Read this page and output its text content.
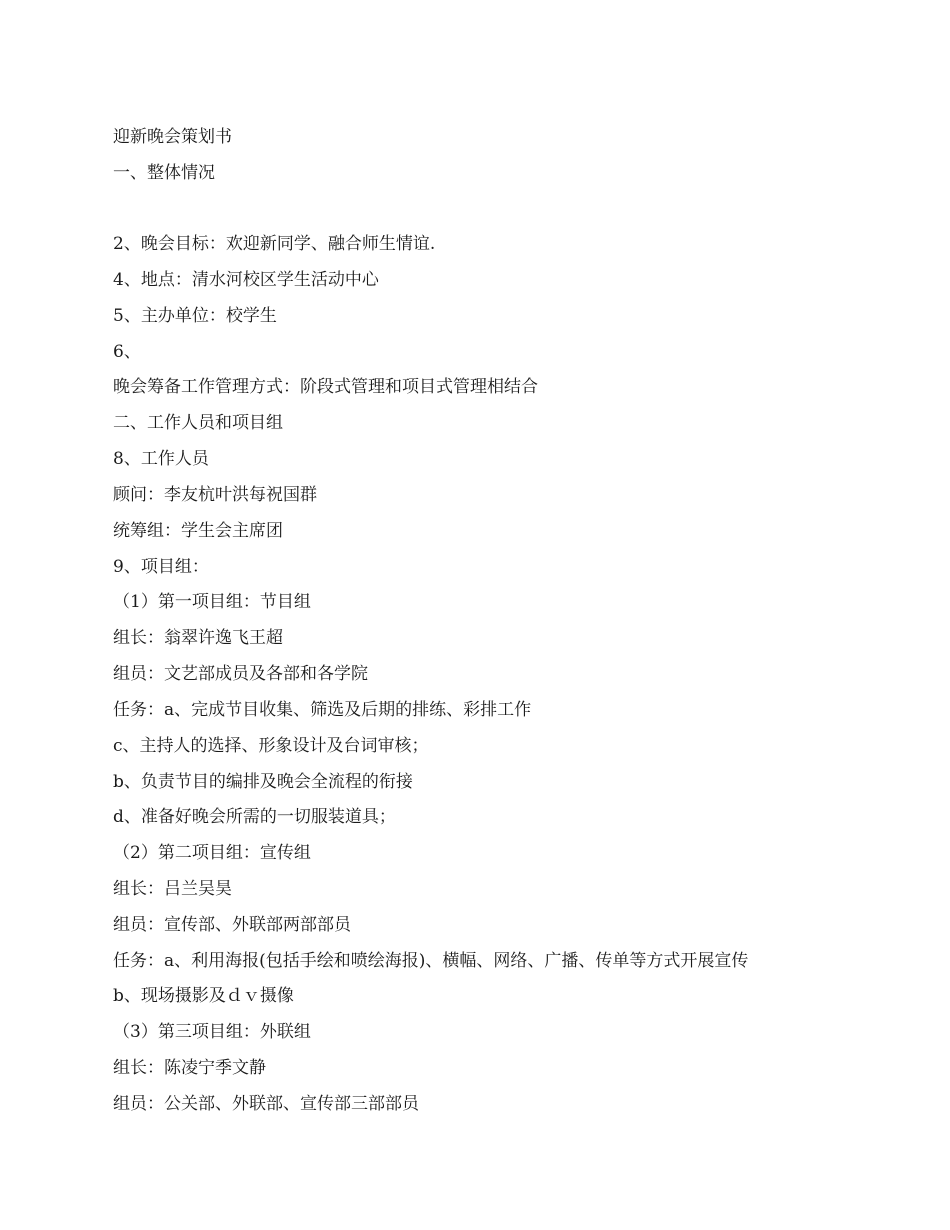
迎新晚会策划书
一、整体情况
2、晚会目标：欢迎新同学、融合师生情谊.
4、地点：清水河校区学生活动中心
5、主办单位：校学生
6、
晚会筹备工作管理方式：阶段式管理和项目式管理相结合
二、工作人员和项目组
8、工作人员
顾问：李友杭叶洪每祝国群
统筹组：学生会主席团
9、项目组：
（1）第一项目组：节目组
组长：翁翠许逸飞王超
组员：文艺部成员及各部和各学院
任务：a、完成节目收集、筛选及后期的排练、彩排工作
c、主持人的选择、形象设计及台词审核；
b、负责节目的编排及晚会全流程的衔接
d、准备好晚会所需的一切服装道具；
（2）第二项目组：宣传组
组长：吕兰吴昊
组员：宣传部、外联部两部部员
任务：a、利用海报(包括手绘和喷绘海报)、横幅、网络、广播、传单等方式开展宣传
b、现场摄影及ｄｖ摄像
（3）第三项目组：外联组
组长：陈凌宁季文静
组员：公关部、外联部、宣传部三部部员
